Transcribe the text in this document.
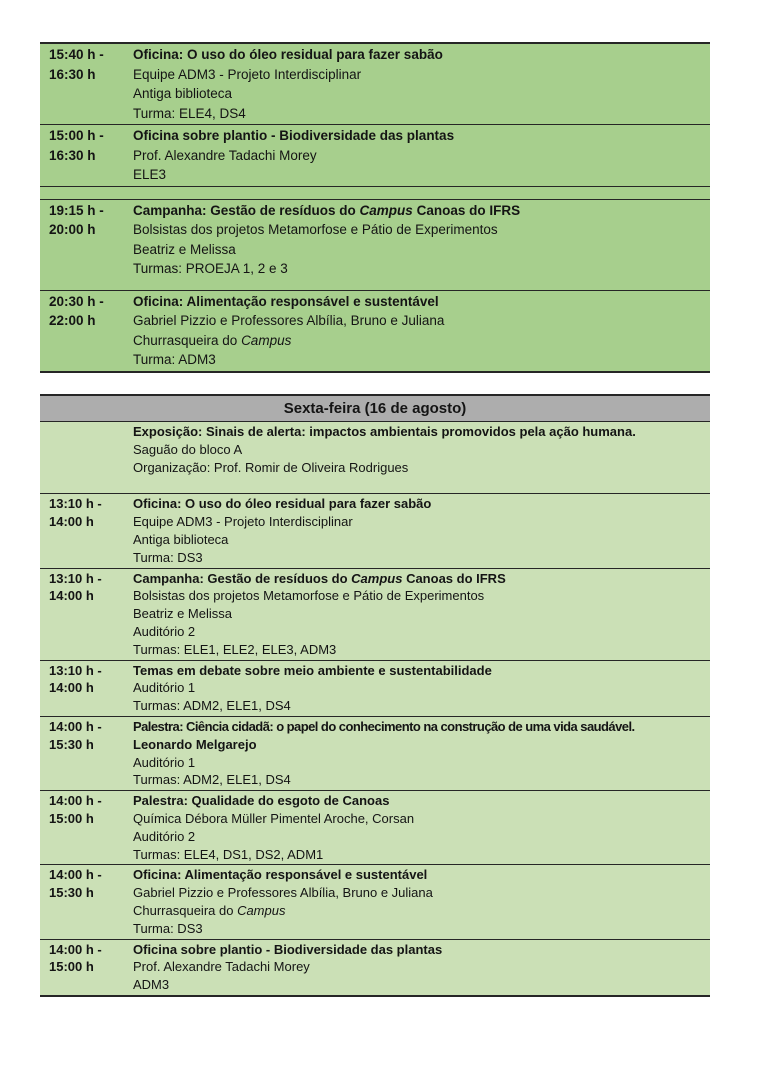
15:40 h -
16:30 h
Oficina: O uso do óleo residual para fazer sabão
Equipe ADM3 - Projeto Interdisciplinar
Antiga biblioteca
Turma: ELE4, DS4
15:00 h -
16:30 h
Oficina sobre plantio - Biodiversidade das plantas
Prof. Alexandre Tadachi Morey
ELE3
19:15 h -
20:00 h
Campanha: Gestão de resíduos do Campus Canoas do IFRS
Bolsistas dos projetos Metamorfose e Pátio de Experimentos
Beatriz e Melissa
Turmas: PROEJA 1, 2 e 3
20:30 h -
22:00 h
Oficina: Alimentação responsável e sustentável
Gabriel Pizzio e Professores Albília, Bruno e Juliana
Churrasqueira do Campus
Turma: ADM3
Sexta-feira (16 de agosto)
Exposição: Sinais de alerta: impactos ambientais promovidos pela ação humana.
Saguão do bloco A
Organização: Prof. Romir de Oliveira Rodrigues
13:10 h -
14:00 h
Oficina: O uso do óleo residual para fazer sabão
Equipe ADM3 - Projeto Interdisciplinar
Antiga biblioteca
Turma: DS3
13:10 h -
14:00 h
Campanha: Gestão de resíduos do Campus Canoas do IFRS
Bolsistas dos projetos Metamorfose e Pátio de Experimentos
Beatriz e Melissa
Auditório 2
Turmas: ELE1, ELE2, ELE3, ADM3
13:10 h -
14:00 h
Temas em debate sobre meio ambiente e sustentabilidade
Auditório 1
Turmas: ADM2, ELE1, DS4
14:00 h -
15:30 h
Palestra: Ciência cidadã: o papel do conhecimento na construção de uma vida saudável.
Leonardo Melgarejo
Auditório 1
Turmas: ADM2, ELE1, DS4
14:00 h -
15:00 h
Palestra: Qualidade do esgoto de Canoas
Química Débora Müller Pimentel Aroche, Corsan
Auditório 2
Turmas: ELE4, DS1, DS2, ADM1
14:00 h -
15:30 h
Oficina: Alimentação responsável e sustentável
Gabriel Pizzio e Professores Albília, Bruno e Juliana
Churrasqueira do Campus
Turma: DS3
14:00 h -
15:00 h
Oficina sobre plantio - Biodiversidade das plantas
Prof. Alexandre Tadachi Morey
ADM3
